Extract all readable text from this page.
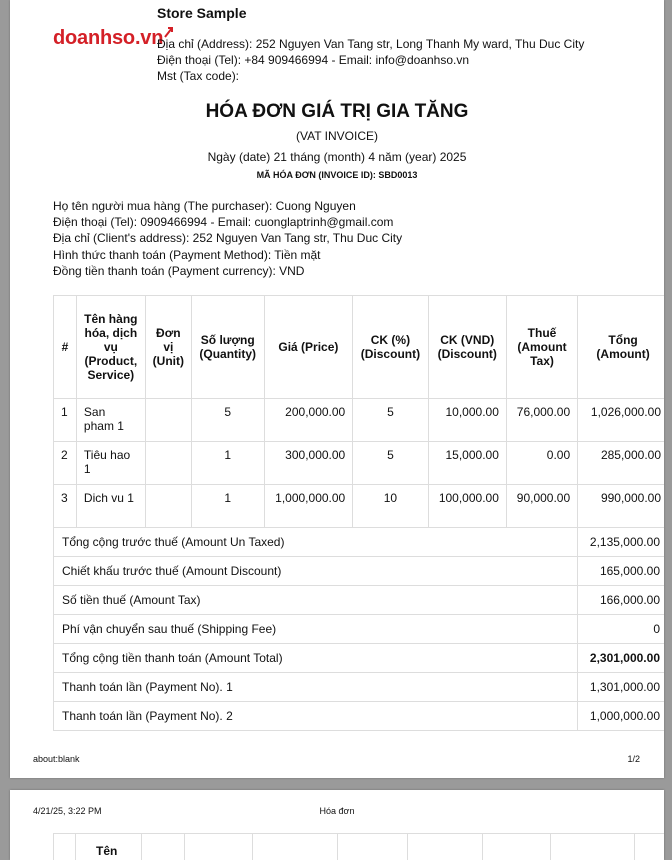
doanhso.vn
Store Sample
Địa chỉ (Address): 252 Nguyen Van Tang str, Long Thanh My ward, Thu Duc City
Điện thoại (Tel): +84 909466994 - Email: info@doanhso.vn
Mst (Tax code):
HÓA ĐƠN GIÁ TRỊ GIA TĂNG
(VAT INVOICE)
Ngày (date) 21 tháng (month) 4 năm (year) 2025
MÃ HÓA ĐƠN (INVOICE ID): SBD0013
Họ tên người mua hàng (The purchaser): Cuong Nguyen
Điện thoại (Tel): 0909466994 - Email: cuonglaptrinh@gmail.com
Địa chỉ (Client's address): 252 Nguyen Van Tang str, Thu Duc City
Hình thức thanh toán (Payment Method): Tiền mặt
Đồng tiền thanh toán (Payment currency): VND
#	Tên hàng hóa, dịch vụ (Product, Service)	Đơn vị (Unit)	Số lượng (Quantity)	Giá (Price)	CK (%) (Discount)	CK (VND) (Discount)	Thuế (Amount Tax)	Tổng (Amount)
1	San pham 1		5	200,000.00	5	10,000.00	76,000.00	1,026,000.00
2	Tiêu hao 1		1	300,000.00	5	15,000.00	0.00	285,000.00
3	Dich vu 1		1	1,000,000.00	10	100,000.00	90,000.00	990,000.00
Tổng cộng trước thuế (Amount Un Taxed)								2,135,000.00
Chiết khấu trước thuế (Amount Discount)								165,000.00
Số tiền thuế (Amount Tax)								166,000.00
Phí vận chuyển sau thuế (Shipping Fee)								0
Tổng cộng tiền thanh toán (Amount Total)								2,301,000.00
Thanh toán lần (Payment No). 1								1,301,000.00
Thanh toán lần (Payment No). 2								1,000,000.00
about:blank	1/2
4/21/25, 3:22 PM	Hóa đơn
Tên
